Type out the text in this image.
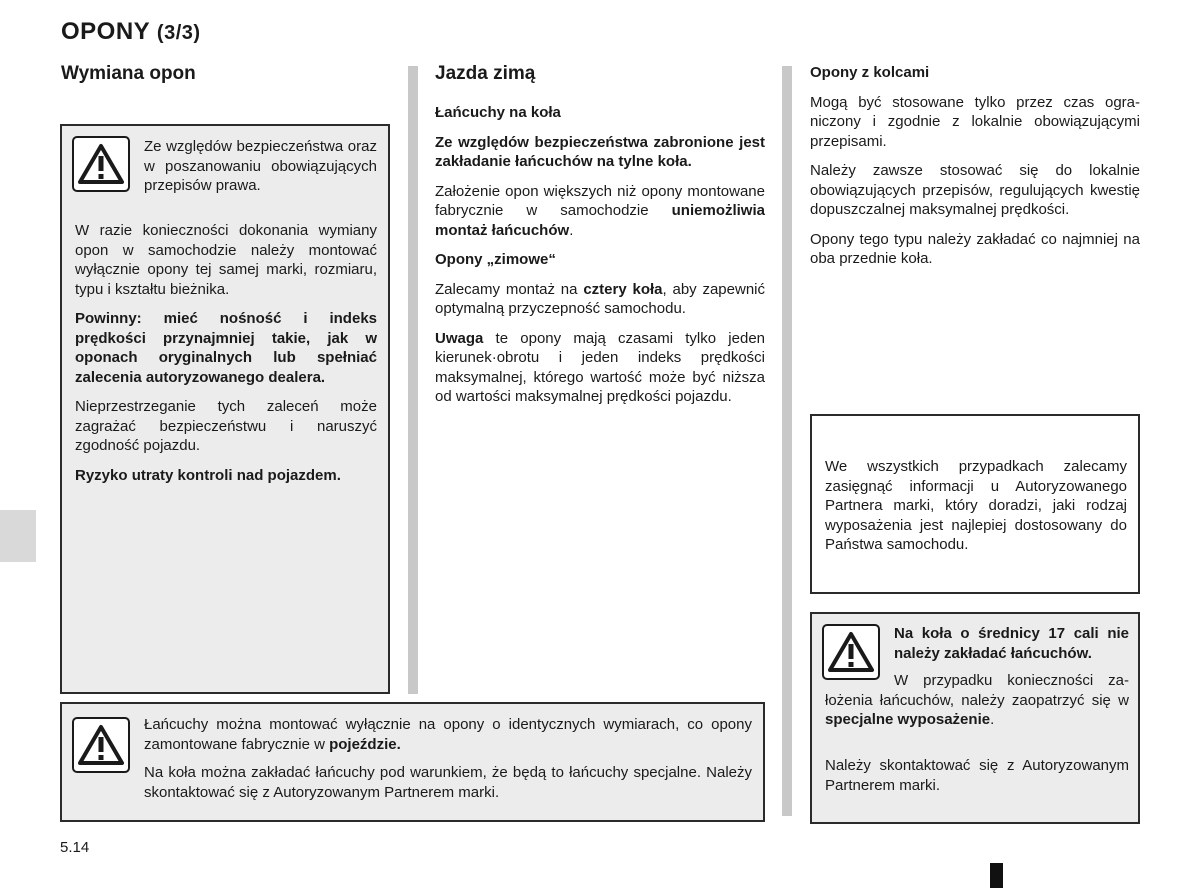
OPONY (3/3)
Wymiana opon

Ze względów bezpieczeństwa oraz w poszanowaniu obowiązujących przepisów prawa.

W razie konieczności dokonania wymiany opon w samochodzie należy montować wyłącznie opony tej samej marki, rozmiaru, typu i kształtu bieżnika.

Powinny: mieć nośność i indeks prędkości przynajmniej takie, jak w oponach oryginalnych lub spełniać zalecenia autoryzowanego dealera.

Nieprzestrzeganie tych zaleceń może zagrażać bezpieczeństwu i naruszyć zgodność pojazdu.

Ryzyko utraty kontroli nad pojazdem.

Jazda zimą

Łańcuchy na koła

Ze względów bezpieczeństwa zabronione jest zakładanie łańcuchów na tylne koła.

Założenie opon większych niż opony montowane fabrycznie w samochodzie uniemożliwia montaż łańcuchów.

Opony „zimowe“

Zalecamy montaż na cztery koła, aby zapewnić optymalną przyczepność samochodu.

Uwaga te opony mają czasami tylko jeden kierunek·obrotu i jeden indeks prędkości maksymalnej, którego wartość może być niższa od wartości maksymalnej prędkości pojazdu.

Opony z kolcami

Mogą być stosowane tylko przez czas ograniczony i zgodnie z lokalnie obowiązującymi przepisami.

Należy zawsze stosować się do lokalnie obowiązujących przepisów, regulujących kwestię dopuszczalnej maksymalnej prędkości.

Opony tego typu należy zakładać co najmniej na oba przednie koła.

We wszystkich przypadkach zalecamy zasięgnąć informacji u Autoryzowanego Partnera marki, który doradzi, jaki rodzaj wyposażenia jest najlepiej dostosowany do Państwa samochodu.

Na koła o średnicy 17 cali nie należy zakładać łańcuchów.

W przypadku konieczności założenia łańcuchów, należy zaopatrzyć się w specjalne wyposażenie.

Należy skontaktować się z Autoryzowanym Partnerem marki.

Łańcuchy można montować wyłącznie na opony o identycznych wymiarach, co opony zamontowane fabrycznie w pojeździe.

Na koła można zakładać łańcuchy pod warunkiem, że będą to łańcuchy specjalne. Należy skontaktować się z Autoryzowanym Partnerem marki.

5.14
